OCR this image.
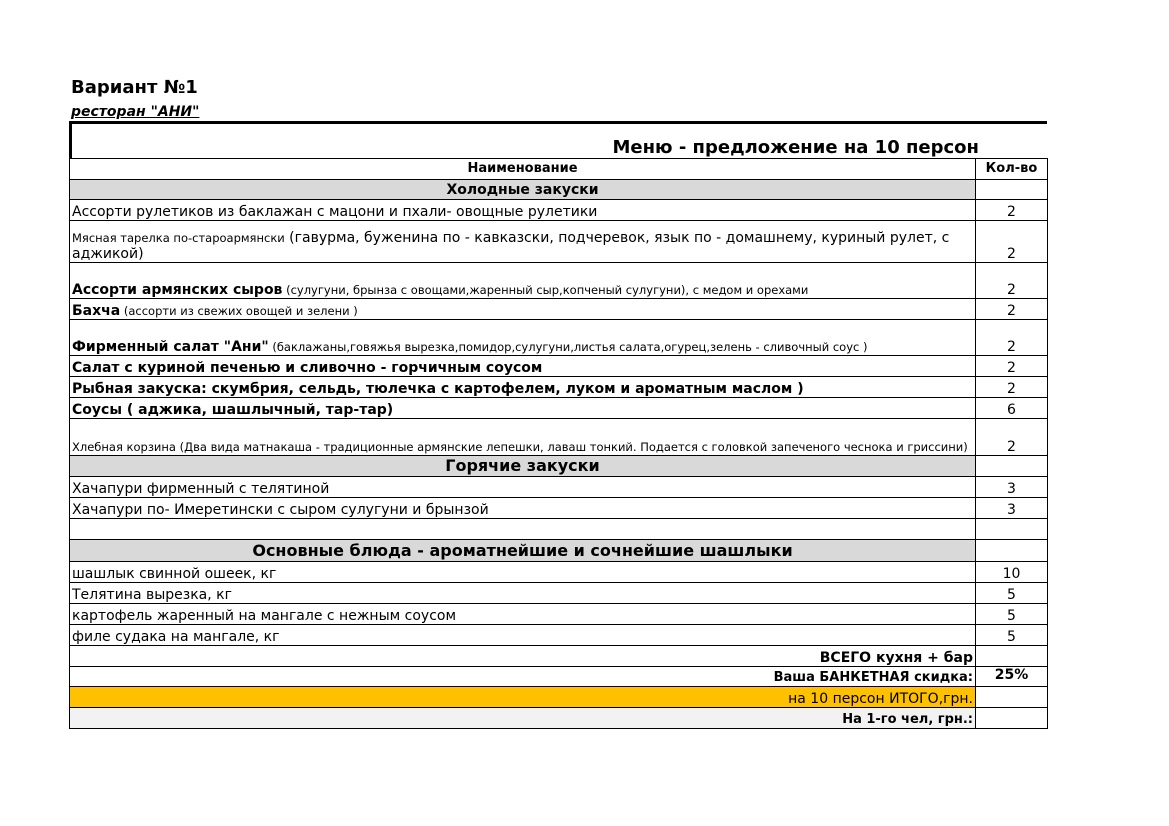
Вариант №1
ресторан "АНИ"
Меню - предложение на 10 персон
Наименование	Кол-во
Холодные закуски	
Ассорти рулетиков из баклажан с мацони и пхали- овощные рулетики	2
Мясная тарелка по-староармянски (гавурма, буженина по - кавказски, подчеревок, язык по - домашнему, куриный рулет, с аджикой)	2
Ассорти армянских сыров (сулугуни, брынза с овощами,жаренный сыр,копченый сулугуни), с медом и орехами	2
Бахча (ассорти из свежих овощей и зелени )	2
Фирменный салат "Ани" (баклажаны,говяжья вырезка,помидор,сулугуни,листья салата,огурец,зелень - сливочный соус )	2
Салат с куриной печенью и сливочно - горчичным соусом	2
Рыбная закуска: скумбрия, сельдь, тюлечка с картофелем, луком и ароматным маслом )	2
Соусы ( аджика, шашлычный, тар-тар)	6
Хлебная корзина (Два вида матнакаша - традиционные армянские лепешки, лаваш тонкий. Подается с головкой запеченого чеснока и гриссини)	2
Горячие закуски	
Хачапури фирменный с телятиной	3
Хачапури по- Имеретински с сыром сулугуни и брынзой	3

Основные блюда - ароматнейшие и сочнейшие шашлыки	
шашлык свинной ошеек, кг	10
Телятина вырезка, кг	5
картофель жаренный на мангале с нежным соусом	5
филе судака на мангале, кг	5
ВСЕГО кухня + бар	
Ваша БАНКЕТНАЯ скидка:	25%
на 10 персон ИТОГО,грн.	
На 1-го чел, грн.:	
